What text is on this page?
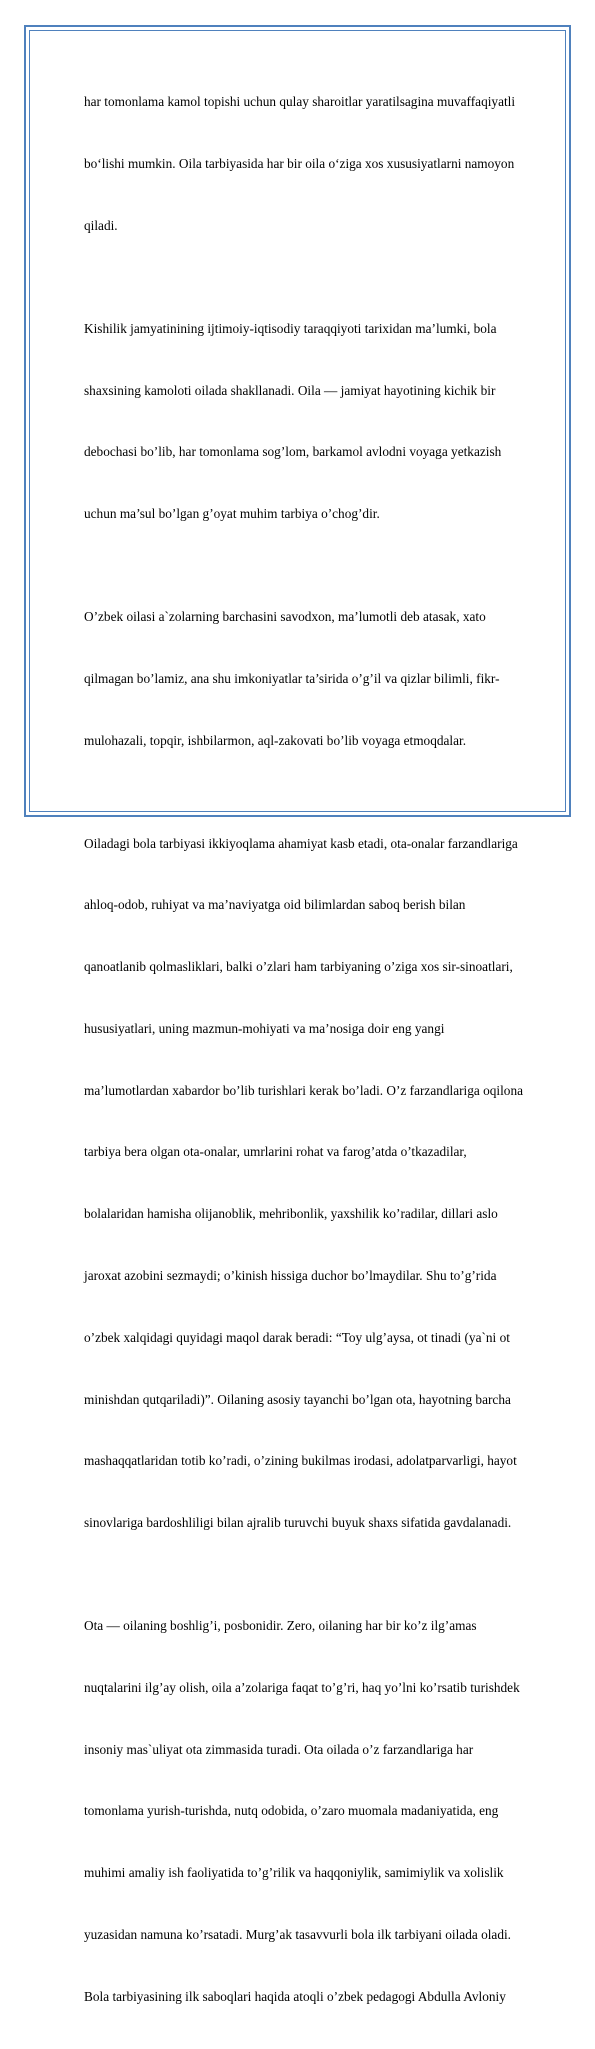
har tomonlama kamol topishi uchun qulay sharoitlar yaratilsagina muvaffaqiyatli

bo‘lishi mumkin. Oila tarbiyasida har bir oila o‘ziga xos xususiyatlarni namoyon

qiladi.

Kishilik jamyatinining ijtimoiy-iqtisodiy taraqqiyoti tarixidan ma’lumki, bola

shaxsining kamoloti oilada shakllanadi. Oila — jamiyat hayotining kichik bir

debochasi bo’lib, har tomonlama sog’lom, barkamol avlodni voyaga yetkazish

uchun ma’sul bo’lgan g’oyat muhim tarbiya o’chog’dir.

O’zbek oilasi a`zolarning barchasini savodxon, ma’lumotli deb atasak, xato

qilmagan bo’lamiz, ana shu imkoniyatlar ta’sirida o’g’il va qizlar bilimli, fikr-

mulohazali, topqir, ishbilarmon, aql-zakovati bo’lib voyaga etmoqdalar.

Oiladagi bola tarbiyasi ikkiyoqlama ahamiyat kasb etadi, ota-onalar farzandlariga

ahloq-odob, ruhiyat va ma’naviyatga oid bilimlardan saboq berish bilan

qanoatlanib qolmasliklari, balki o’zlari ham tarbiyaning o’ziga xos sir-sinoatlari,

hususiyatlari, uning mazmun-mohiyati va ma’nosiga doir eng yangi

ma’lumotlardan xabardor bo’lib turishlari kerak bo’ladi. O’z farzandlariga oqilona

tarbiya bera olgan ota-onalar, umrlarini rohat va farog’atda o’tkazadilar,

bolalaridan hamisha olijanoblik, mehribonlik, yaxshilik ko’radilar, dillari aslo

jaroxat azobini sezmaydi; o’kinish hissiga duchor bo’lmaydilar. Shu to’g’rida

o’zbek xalqidagi quyidagi maqol darak beradi: “Toy ulg’aysa, ot tinadi (ya`ni ot

minishdan qutqariladi)”. Oilaning asosiy tayanchi bo’lgan ota, hayotning barcha

mashaqqatlaridan totib ko’radi, o’zining bukilmas irodasi, adolatparvarligi, hayot

sinovlariga bardoshliligi bilan ajralib turuvchi buyuk shaxs sifatida gavdalanadi.

Ota — oilaning boshlig’i, posbonidir. Zero, oilaning har bir ko’z ilg’amas

nuqtalarini ilg’ay olish, oila a’zolariga faqat to’g’ri, haq yo’lni ko’rsatib turishdek

insoniy mas`uliyat ota zimmasida turadi. Ota oilada o’z farzandlariga har

tomonlama yurish-turishda, nutq odobida, o’zaro muomala madaniyatida, eng

muhimi amaliy ish faoliyatida to’g’rilik va haqqoniylik, samimiylik va xolislik

yuzasidan namuna ko’rsatadi. Murg’ak tasavvurli bola ilk tarbiyani oilada oladi.

Bola tarbiyasining ilk saboqlari haqida atoqli o’zbek pedagogi Abdulla Avloniy
